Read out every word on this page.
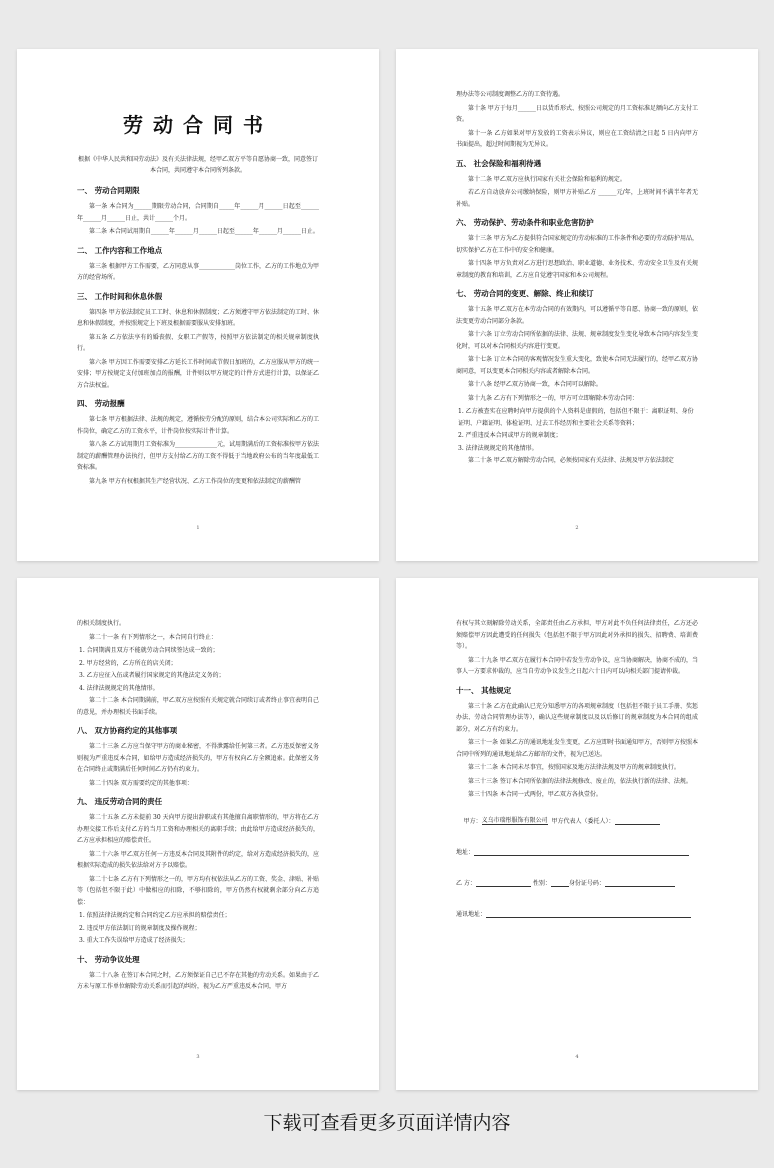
劳动合同书

根据《中华人民共和国劳动法》及有关法律法规，经甲乙双方平等自愿协商一致，同意签订本合同，共同遵守本合同所列条款。

一、 劳动合同期限

第一条 本合同为______期限劳动合同，合同期自_____年______月______日起至______年______月______日止，共计______个月。

第二条 本合同试用期自______年______月______日起至______年______月______日止。

二、 工作内容和工作地点

第三条 根据甲方工作需要，乙方同意从事____________岗位工作，乙方的工作地点为甲方的经营场所。

三、 工作时间和休息休假

第四条 甲方依法制定员工工时、休息和休假制度；乙方须遵守甲方依法制定的工时、休息和休假制度，并按照规定上下班及根据需要服从安排加班。

第五条 乙方依法享有的婚丧假、女职工产假等，按照甲方依法制定的相关规章制度执行。

第六条 甲方因工作需要安排乙方延长工作时间或节假日加班的，乙方应服从甲方的统一安排；甲方按规定支付加班加点的报酬，计件则以甲方规定的计件方式进行计算，以保证乙方合法权益。

四、 劳动报酬

第七条 甲方根据法律、法规的规定，遵循按劳分配的原则，结合本公司实际和乙方的工作岗位，确定乙方的工资水平，计件岗位按实际计件计算。

第八条 乙方试用期月工资标准为______________元，试用期满后的工资标准按甲方依法制定的薪酬管理办法执行，但甲方支付给乙方的工资不得低于当地政府公布的当年度最低工资标准。

第九条 甲方有权根据其生产经营状况、乙方工作岗位的变更和依法制定的薪酬管

1

理办法等公司制度调整乙方的工资待遇。

第十条 甲方于每月______日以货币形式、按照公司规定的月工资标准足额向乙方支付工资。

第十一条 乙方如果对甲方发放的工资表示异议，则应在工资结清之日起 5 日内向甲方书面提出，超过时间期视为无异议。

五、 社会保险和福利待遇

第十二条 甲乙双方应执行国家有关社会保险和福利的规定。

若乙方自动放弃公司缴纳保险，则甲方补贴乙方 ______元/年，上班时间不满半年者无补贴。

六、 劳动保护、劳动条件和职业危害防护

第十三条 甲方为乙方提供符合国家规定的劳动标准的工作条件和必要的劳动防护用品，切实保护乙方在工作中的安全和健康。

第十四条 甲方负责对乙方进行思想政治、职业道德、业务技术、劳动安全卫生及有关规章制度的教育和培训，乙方应自觉遵守国家和本公司规程。

七、 劳动合同的变更、解除、终止和续订

第十五条 甲乙双方在本劳动合同的有效期内，可以遵循平等自愿、协商一致的原则，依法变更劳动合同部分条款。

第十六条 订立劳动合同所依据的法律、法规、规章制度发生变化导致本合同内容发生变化时，可以对本合同相关内容进行变更。

第十七条 订立本合同的客观情况发生重大变化，致使本合同无法履行的，经甲乙双方协商同意，可以变更本合同相关内容或者解除本合同。

第十八条 经甲乙双方协商一致，本合同可以解除。

第十九条 乙方有下列情形之一的，甲方可立即解除本劳动合同：

1. 乙方被查实在应聘时向甲方提供的个人资料是虚假的，包括但不限于：离职证明、身份证明、户籍证明、体检证明、过去工作经历和主要社会关系等资料；
2. 严重违反本合同或甲方的规章制度；
3. 法律法规规定的其他情形。

第二十条 甲乙双方解除劳动合同，必须按国家有关法律、法规及甲方依法制定

2

的相关制度执行。

第二十一条 有下列情形之一，本合同自行终止：

1. 合同期满且双方不能就劳动合同续签达成一致的；
2. 甲方经营的，乙方所在的店关闭；
3. 乙方应征入伍或者履行国家规定的其他法定义务的；
4. 法律法规规定的其他情形。

第二十二条 本合同期满前，甲乙双方应按照有关规定就合同续订或者终止事宜表明自己的意见，并办理相关书面手续。

八、 双方协商约定的其他事项

第二十三条 乙方应当保守甲方的商业秘密，不得泄露给任何第三者。乙方违反保密义务则视为严重违反本合同，如给甲方造成经济损失的，甲方有权向乙方全额追索。此保密义务在合同终止或期满后任何时间乙方仍有约束力。

第二十四条 双方需要约定的其他事项：

九、 违反劳动合同的责任

第二十五条 乙方未提前 30 天向甲方提出辞职或有其他擅自离职情形的，甲方将在乙方办理交接工作后支付乙方的当月工资和办理相关的离职手续；由此给甲方造成经济损失的，乙方应承担相应的赔偿责任。

第二十六条 甲乙双方任何一方违反本合同及其附件的约定，给对方造成经济损失的，应根据实际造成的损失依法给对方予以赔偿。

第二十七条 乙方有下列情形之一的，甲方均有权依法从乙方的工资、奖金、津贴、补贴等（包括但不限于此）中做相应的扣除，不够扣除的，甲方仍然有权就剩余部分向乙方追偿：

1. 依照法律法规约定和合同约定乙方应承担的赔偿责任；
2. 违反甲方依法制订的规章制度及操作规程；
3. 重大工作失误给甲方造成了经济损失；
十、 劳动争议处理

第二十八条 在签订本合同之时，乙方须保证自己已不存在其他的劳动关系。如果由于乙方未与原工作单位解除劳动关系而引起的纠纷，视为乙方严重违反本合同，甲方

3

有权与其立刻解除劳动关系，全部责任由乙方承担，甲方对此不负任何法律责任，乙方还必须赔偿甲方因此遭受的任何损失（包括但不限于甲方因此对外承担的损失、招聘费、培训费等）。

第二十九条 甲乙双方在履行本合同中若发生劳动争议，应当协商解决，协商不成的，当事人一方要求仲裁的，应当自劳动争议发生之日起六十日内可以向相关部门提请仲裁。

十一、 其他规定

第三十条 乙方在此确认已充分知悉甲方的各项规章制度（包括但不限于员工手册、奖惩办法、劳动合同管理办法等），确认这些规章制度以及以后修订的规章制度为本合同的组成部分，对乙方有约束力。

第三十一条 如果乙方的通讯地址发生变更，乙方应即时书面通知甲方，否则甲方按照本合同中所列的通讯地址给乙方邮寄的文件，视为已送达。

第三十二条 本合同未尽事宜，按照国家及地方法律法规及甲方的规章制度执行。

第三十三条 签订本合同所依据的法律法规修改、废止的，依法执行新的法律、法规。

第三十四条 本合同一式两份，甲乙双方各执壹份。

甲方：义乌市瑞彤服饰有限公司 甲方代表人（委托人）：
地址：
乙 方：	性别：	身份证号码：
通讯地址：
4
下载可查看更多页面详情内容
